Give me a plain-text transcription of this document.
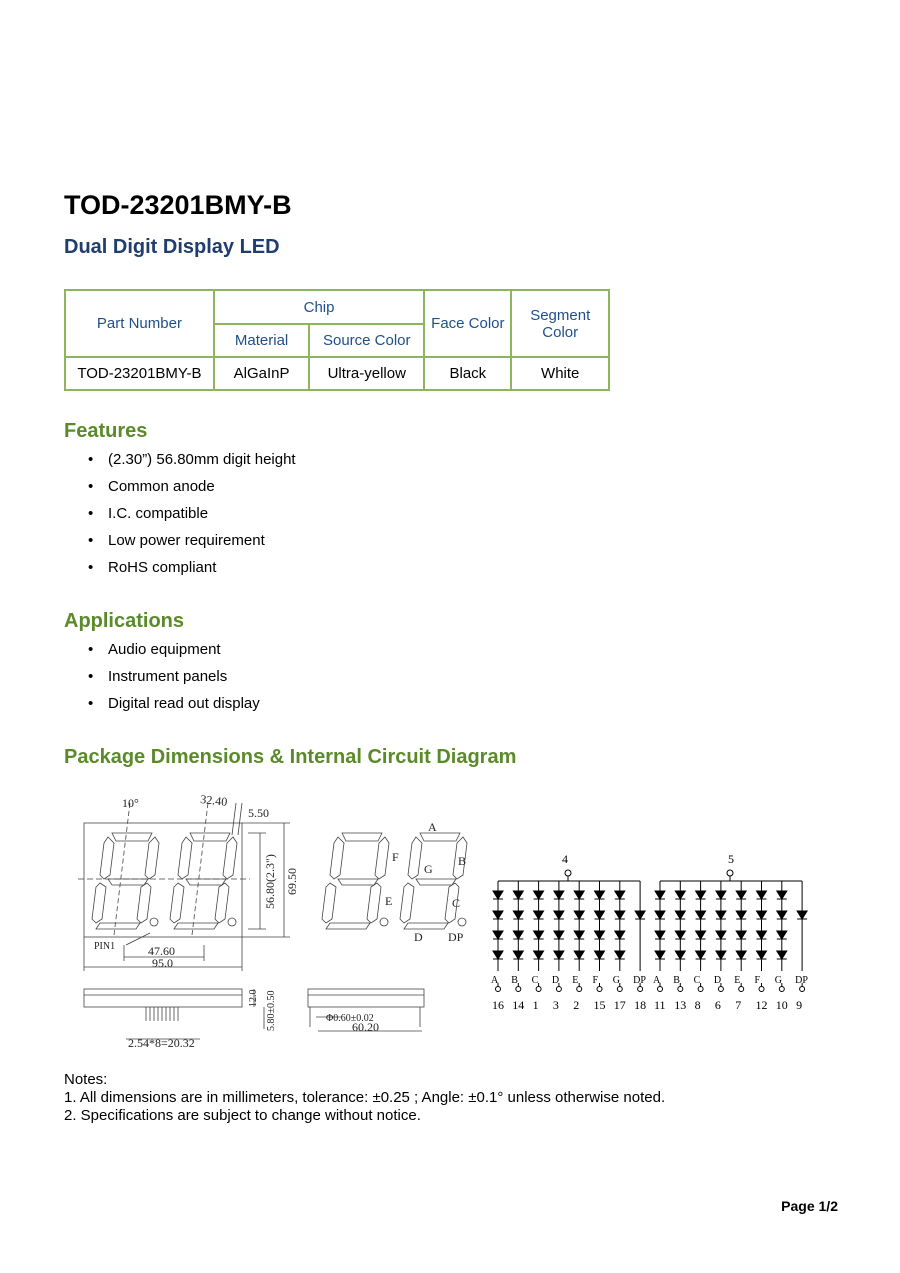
TOD-23201BMY-B
Dual Digit Display LED
Part Number	Chip		Face Color	Segment Color
	Material	Source Color		
TOD-23201BMY-B	AlGaInP	Ultra-yellow	Black	White
Features
• (2.30”) 56.80mm digit height
• Common anode
• I.C. compatible
• Low power requirement
• RoHS compliant
Applications
• Audio equipment
• Instrument panels
• Digital read out display
Package Dimensions & Internal Circuit Diagram
10°	32.40
5.50
56.80(2.3") 69.50
PIN1	47.60
95.0
2.54*8=20.32
12.0 5.80±0.50	Φ0.60±0.02
60.20
A
B
C
D
E
F
G
DP
4	5
A
16
B
14
C
1
D
3
E
2
F
15
G
17
DP
18
A
11
B
13
C
8
D
6
E
7
F
12
G
10
DP
9
Notes:
1. All dimensions are in millimeters, tolerance: ±0.25 ; Angle: ±0.1° unless otherwise noted.
2. Specifications are subject to change without notice.
Page 1/2
